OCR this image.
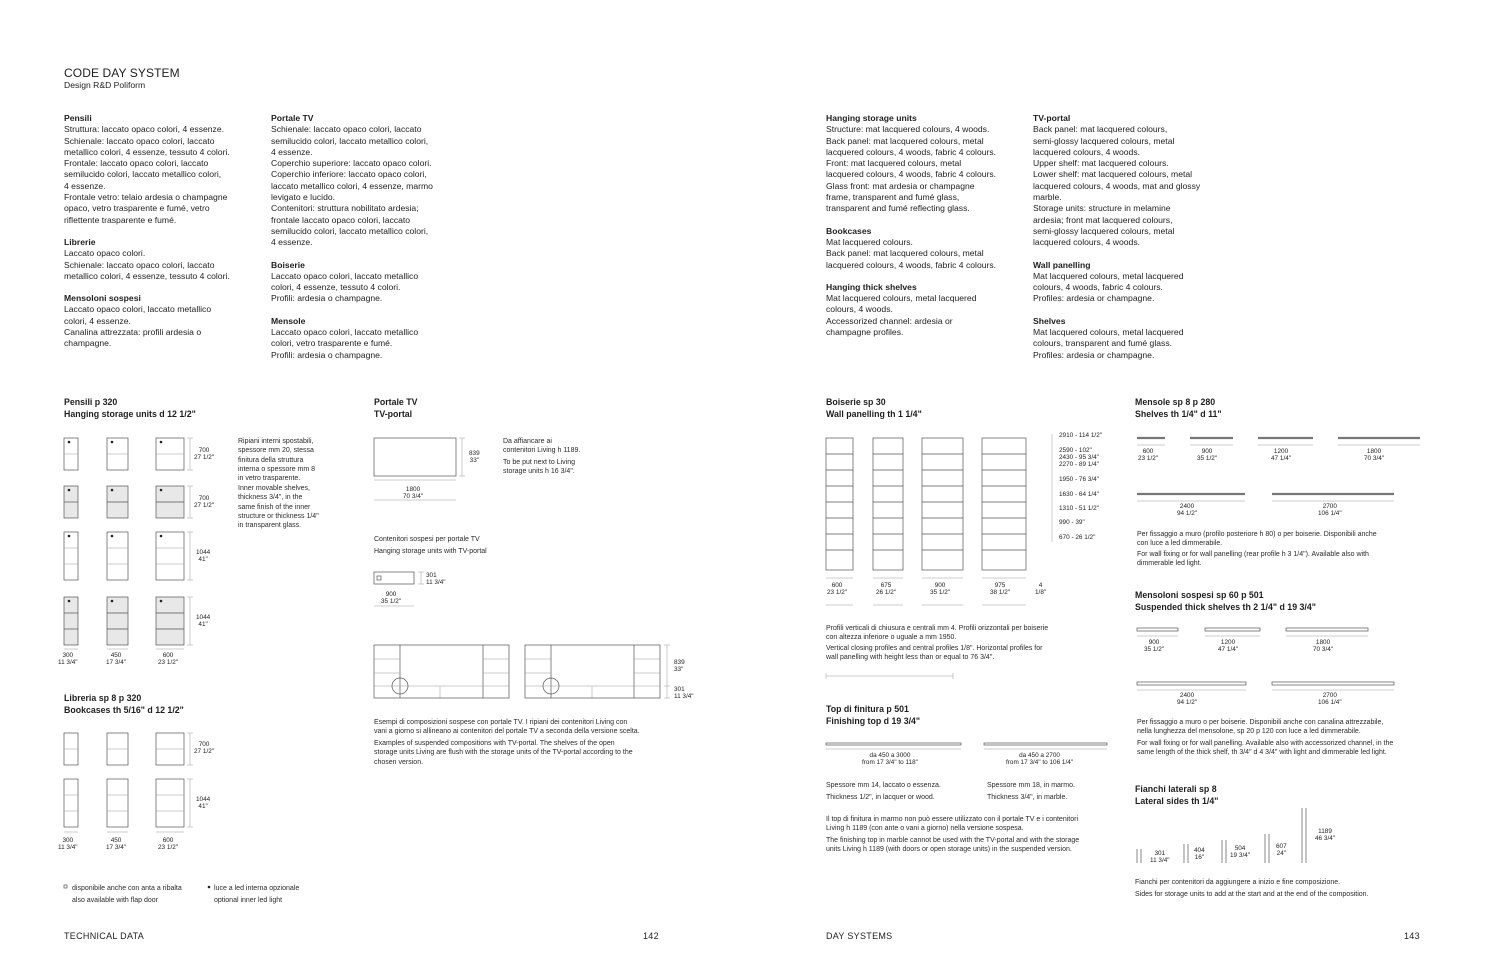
CODE DAY SYSTEM
Design R&D Poliform
Pensili
Struttura: laccato opaco colori, 4 essenze.
Schienale: laccato opaco colori, laccato
metallico colori, 4 essenze, tessuto 4 colori.
Frontale: laccato opaco colori, laccato
semilucido colori, laccato metallico colori,
4 essenze.
Frontale vetro: telaio ardesia o champagne
opaco, vetro trasparente e fumé, vetro
riflettente trasparente e fumé.
Librerie
Laccato opaco colori.
Schienale: laccato opaco colori, laccato
metallico colori, 4 essenze, tessuto 4 colori.
Mensoloni sospesi
Laccato opaco colori, laccato metallico
colori, 4 essenze.
Canalina attrezzata: profili ardesia o
champagne.
Portale TV
Schienale: laccato opaco colori, laccato
semilucido colori, laccato metallico colori,
4 essenze.
Coperchio superiore: laccato opaco colori.
Coperchio inferiore: laccato opaco colori,
laccato metallico colori, 4 essenze, marmo
levigato e lucido.
Contenitori: struttura nobilitato ardesia;
frontale laccato opaco colori, laccato
semilucido colori, laccato metallico colori,
4 essenze.
Boiserie
Laccato opaco colori, laccato metallico
colori, 4 essenze, tessuto 4 colori.
Profili: ardesia o champagne.
Mensole
Laccato opaco colori, laccato metallico
colori, vetro trasparente e fumé.
Profili: ardesia o champagne.
Hanging storage units
Structure: mat lacquered colours, 4 woods.
Back panel: mat lacquered colours, metal
lacquered colours, 4 woods, fabric 4 colours.
Front: mat lacquered colours, metal
lacquered colours, 4 woods, fabric 4 colours.
Glass front: mat ardesia or champagne
frame, transparent and fumé glass,
transparent and fumé reflecting glass.
Bookcases
Mat lacquered colours.
Back panel: mat lacquered colours, metal
lacquered colours, 4 woods, fabric 4 colours.
Hanging thick shelves
Mat lacquered colours, metal lacquered
colours, 4 woods.
Accessorized channel: ardesia or
champagne profiles.
TV-portal
Back panel: mat lacquered colours,
semi-glossy lacquered colours, metal
lacquered colours, 4 woods.
Upper shelf: mat lacquered colours.
Lower shelf: mat lacquered colours, metal
lacquered colours, 4 woods, mat and glossy
marble.
Storage units: structure in melamine
ardesia; front mat lacquered colours,
semi-glossy lacquered colours, metal
lacquered colours, 4 woods.
Wall panelling
Mat lacquered colours, metal lacquered
colours, 4 woods, fabric 4 colours.
Profiles: ardesia or champagne.
Shelves
Mat lacquered colours, metal lacquered
colours, transparent and fumé glass.
Profiles: ardesia or champagne.
Pensili p 320
Hanging storage units d 12 1/2"
700
27 1/2"
700
27 1/2"
1044
41"
1044
41"
300
11 3/4"
450
17 3/4"
600
23 1/2"
Ripiani interni spostabili,
spessore mm 20, stessa
finitura della struttura
interna o spessore mm 8
in vetro trasparente.
Inner movable shelves,
thickness 3/4", in the
same finish of the inner
structure or thickness 1/4"
in transparent glass.
Libreria sp 8 p 320
Bookcases th 5/16" d 12 1/2"
700
27 1/2"
1044
41"
300
11 3/4"
450
17 3/4"
600
23 1/2"
disponibile anche con anta a ribalta
also available with flap door
luce a led interna opzionale
optional inner led light
Portale TV
TV-portal
839
33"
1800
70 3/4"
Da affiancare ai
contenitori Living h 1189.
To be put next to Living
storage units h 16 3/4".
Contenitori sospesi per portale TV
Hanging storage units with TV-portal
301
11 3/4"
900
35 1/2"
839
33"
301
11 3/4"
Esempi di composizioni sospese con portale TV. I ripiani dei contenitori Living con
vani a giorno si allineano ai contenitori del portale TV a seconda della versione scelta.
Examples of suspended compositions with TV-portal. The shelves of the open
storage units Living are flush with the storage units of the TV-portal according to the
chosen version.
Boiserie sp 30
Wall panelling th 1 1/4"
2910 - 114 1/2"
2590 - 102"
2430 - 95 3/4"
2270 - 89 1/4"
1950 - 76 3/4"
1630 - 64 1/4"
1310 - 51 1/2"
990 - 39"
670 - 26 1/2"
600
23 1/2"
675
26 1/2"
900
35 1/2"
975
38 1/2"
4
1/8"
Profili verticali di chiusura e centrali mm 4. Profili orizzontali per boiserie
con altezza inferiore o uguale a mm 1950.
Vertical closing profiles and central profiles 1/8". Horizontal profiles for
wall panelling with height less than or equal to 76 3/4".
Top di finitura p 501
Finishing top d 19 3/4"
da 450 a 3000
from 17 3/4" to 118"
da 450 a 2700
from 17 3/4" to 106 1/4"
Spessore mm 14, laccato o essenza.
Thickness 1/2", in lacquer or wood.
Spessore mm 18, in marmo.
Thickness 3/4", in marble.
Il top di finitura in marmo non può essere utilizzato con il portale TV e i contenitori
Living h 1189 (con ante o vani a giorno) nella versione sospesa.
The finishing top in marble cannot be used with the TV-portal and with the storage
units Living h 1189 (with doors or open storage units) in the suspended version.
Mensole sp 8 p 280
Shelves th 1/4" d 11"
600
23 1/2"
900
35 1/2"
1200
47 1/4"
1800
70 3/4"
2400
94 1/2"
2700
106 1/4"
Per fissaggio a muro (profilo posteriore h 80) o per boiserie. Disponibili anche
con luce a led dimmerabile.
For wall fixing or for wall panelling (rear profile h 3 1/4"). Available also with
dimmerable led light.
Mensoloni sospesi sp 60 p 501
Suspended thick shelves th 2 1/4" d 19 3/4"
900
35 1/2"
1200
47 1/4"
1800
70 3/4"
2400
94 1/2"
2700
106 1/4"
Per fissaggio a muro o per boiserie. Disponibili anche con canalina attrezzabile,
nella lunghezza del mensolone, sp 20 p 120 con luce a led dimmerabile.
For wall fixing or for wall panelling. Available also with accessorized channel, in the
same length of the thick shelf, th 3/4" d 4 3/4" with light and dimmerable led light.
Fianchi laterali sp 8
Lateral sides th 1/4"
301
11 3/4"
404
16"
504
19 3/4"
607
24"
1189
46 3/4"
Fianchi per contenitori da aggiungere a inizio e fine composizione.
Sides for storage units to add at the start and at the end of the composition.
TECHNICAL DATA	142	DAY SYSTEMS	143
